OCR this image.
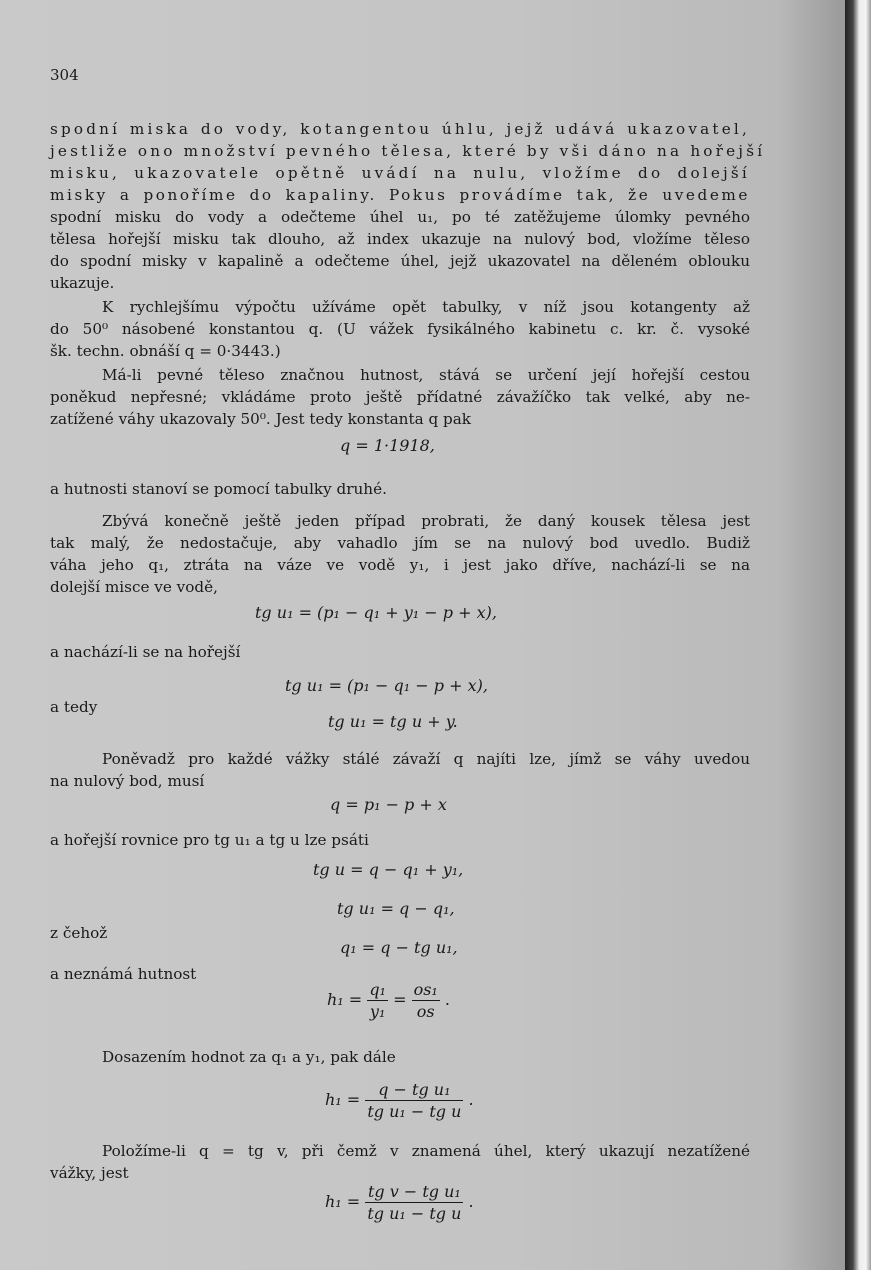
304
spodní miska do vody, kotangentou úhlu, jejž udává ukazovatel,
jestliže ono množství pevného tělesa, které by vši dáno na hořejší
misku, ukazovatele opětně uvádí na nulu, vložíme do dolejší
misky a ponoříme do kapaliny. Pokus provádíme tak, že uvedeme
spodní misku do vody a odečteme úhel u₁, po té zatěžujeme úlomky pevného
tělesa hořejší misku tak dlouho, až index ukazuje na nulový bod, vložíme těleso
do spodní misky v kapalině a odečteme úhel, jejž ukazovatel na děleném oblouku
ukazuje.
K rychlejšímu výpočtu užíváme opět tabulky, v níž jsou kotangenty až
do 50⁰ násobené konstantou q. (U vážek fysikálného kabinetu c. kr. č. vysoké
šk. techn. obnáší q = 0·3443.)
Má-li pevné těleso značnou hutnost, stává se určení její hořejší cestou
poněkud nepřesné; vkládáme proto ještě přídatné závažíčko tak velké, aby ne-
zatížené váhy ukazovaly 50⁰. Jest tedy konstanta q pak
q = 1·1918,
a hutnosti stanoví se pomocí tabulky druhé.
Zbývá konečně ještě jeden případ probrati, že daný kousek tělesa jest
tak malý, že nedostačuje, aby vahadlo jím se na nulový bod uvedlo. Budiž
váha jeho q₁, ztráta na váze ve vodě y₁, i jest jako dříve, nachází-li se na
dolejší misce ve vodě,
tg u₁ = (p₁ − q₁ + y₁ − p + x),
a nachází-li se na hořejší
tg u₁ = (p₁ − q₁ − p + x),
a tedy
tg u₁ = tg u + y.
Poněvadž pro každé vážky stálé závaží q najíti lze, jímž se váhy uvedou
na nulový bod, musí
q = p₁ − p + x
a hořejší rovnice pro tg u₁ a tg u lze psáti
tg u = q − q₁ + y₁,
tg u₁ = q − q₁,
z čehož
q₁ = q − tg u₁,
a neznámá hutnost
$h_1 = \frac{\text{q₁}}{\text{y₁}} = \frac{\text{os₁}}{os}$ .
Dosazením hodnot za q₁ a y₁, pak dále
$h_1 = \frac{\text{q − tg u₁}}{\text{tg u₁ − tg u}}$ .
Položíme-li q = tg v, při čemž v znamená úhel, který ukazují nezatížené
vážky, jest
$h_1 = \frac{\text{tg v − tg u₁}}{\text{tg u₁ − tg u}}$ .
